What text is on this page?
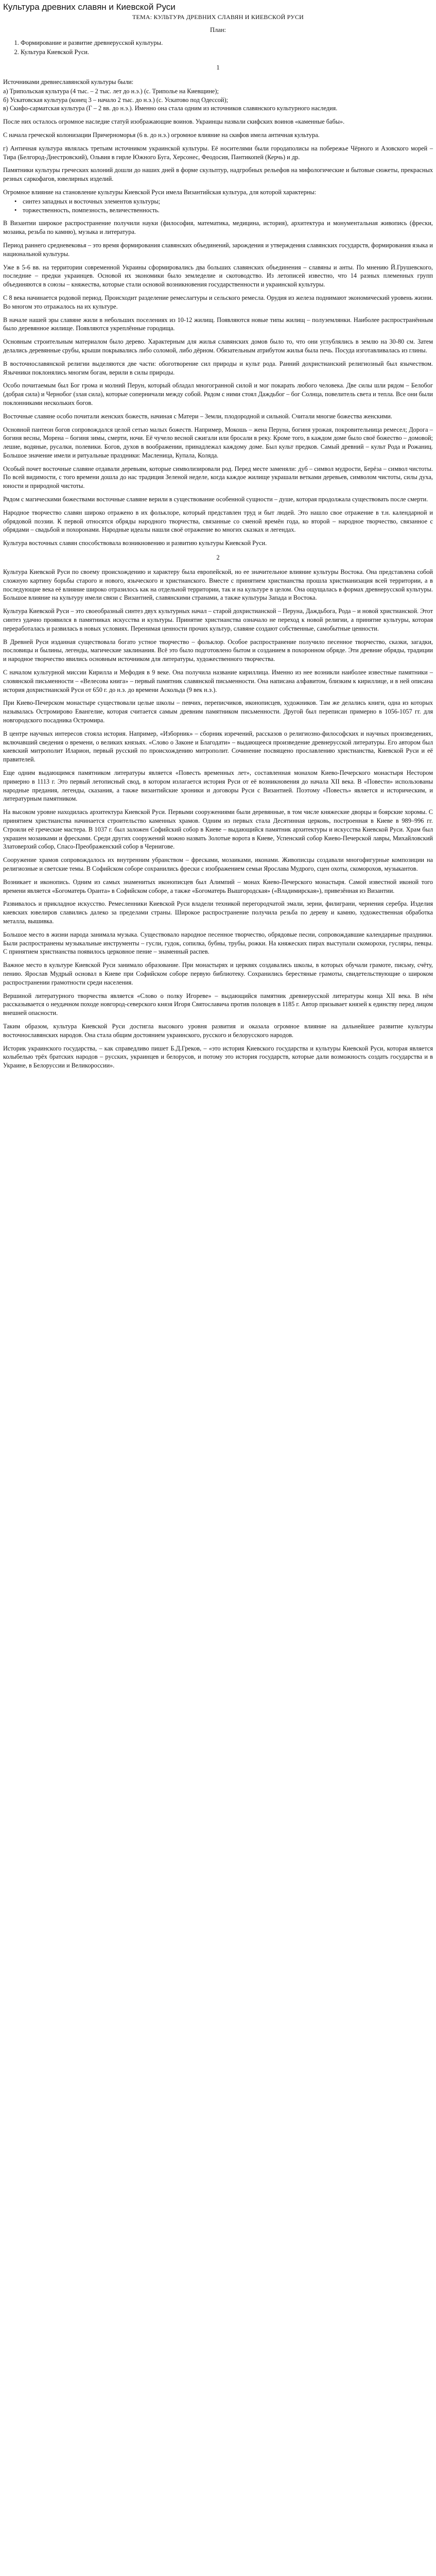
Культура древних славян и Киевской Руси
ТЕМА: КУЛЬТУРА ДРЕВНИХ СЛАВЯН И КИЕВСКОЙ РУСИ
План:
1. Формирование и развитие древнерусской культуры.
2. Культура Киевской Руси.
1

Источниками древнеславянской культуры были:

а) Трипольская культура (4 тыс. – 2 тыс. лет до н.э.) (с. Триполье на Киевщине);
б) Ускатовская культура (конец 3 – начало 2 тыс. до н.э.) (с. Ускатово под Одессой);
в) Скифо-сарматская культура (Г – 2 вв. до н.э.). Именно она стала одним из источников славянского культурного наследия.

После них осталось огромное наследие статуй изображающие воинов. Украинцы назвали скифских воинов «каменные бабы».

С начала греческой колонизации Причерноморья (6 в. до н.э.) огромное влияние на скифов имела античная культура.

г) Античная культура являлась третьим источником украинской культуры. Её носителями были городаполисы на побережье Чёрного и Азовского морей – Тира (Белгород-Днестровский), Ольвия в гирле Южного Буга, Херсонес, Феодосия, Пантикопей (Керчь) и др.

Памятники культуры греческих колоний дошли до наших дней в форме скульптур, надгробных рельефов на мифологические и бытовые сюжеты, прекрасных резных саркофагов, ювелирных изделий.

Огромное влияние на становление культуры Киевской Руси имела Византийская культура, для которой характерны:

• синтез западных и восточных элементов культуры;
• торжественность, помпезность, величественность.

В Византии широкое распространение получили науки (философия, математика, медицина, история), архитектура и монументальная живопись (фрески, мозаика, резьба по камню), музыка и литература.

Период раннего средневековья – это время формирования славянских объединений, зарождения и утверждения славянских государств, формирования языка и национальной культуры.

Уже в 5-6 вв. на территории современной Украины сформировались два больших славянских объединения – славяны и анты. По мнению Й.Грушевского, последние – предки украинцев. Основой их экономики было земледелие и скотоводство. Из летописей известно, что 14 разных племенных групп объединяются в союзы – княжества, которые стали основой возникновения государственности и украинской культуры.

С 8 века начинается родовой период. Происходит разделение ремеслаrтуры и сельского ремесла. Орудия из железа поднимают экономический уровень жизни. Во многом это отражалось на их культуре.

В начале нашей эры славяне жили в небольших поселениях из 10-12 жилищ. Появляются новые типы жилищ – полуземлянки. Наиболее распространённым было деревянное жилище. Появляются укреплённые городища.

Основным строительным материалом было дерево. Характерным для жилья славянских домов было то, что они углублялись в землю на 30-80 см. Затем делались деревянные срубы, крыши покрывались либо соломой, либо дёрном. Обязательным атрибутом жилья была печь. Посуда изготавливалась из глины.

В восточнославянской религии выделяются две части: обоготворение сил природы и культ рода. Ранний дохристианский религиозный был язычеством. Язычники поклонялись многим богам, верили в силы природы.

Особо почитаемым был Бог грома и молний Перун, который обладал многогранной силой и мог покарать любого человека. Две силы шли рядом – Белобог (добрая сила) и Чернобог (злая сила), которые соперничали между собой. Рядом с ними стоял Даждьбог – бог Солнца, повелитель света и тепла. Все они были поклонниками нескольких богов.

Восточные славяне особо почитали женских божеств, начиная с Матери – Земли, плодородной и сильной. Считали многие божества женскими.

Основной пантеон богов сопровождался целой сетью малых божеств. Например, Мокошь – жена Перуна, богиня урожая, покровительница ремесел; Дорога – богиня весны, Морена – богиня зимы, смерти, ночи. Её чучело весной сжигали или бросали в реку. Кроме того, в каждом доме было своё божество – домовой; лешие, водяные, русалки, полевики. Богов, духов в воображении, принадлежал каждому доме. Был культ предков. Самый древний – культ Рода и Рожаниц. Большое значение имели и ритуальные праздники: Масленица, Купала, Коляда.

Особый почет восточные славяне отдавали деревьям, которые символизировали род. Перед месте заменяли: дуб – символ мудрости, Берёза – символ чистоты. По всей видимости, с того времени дошла до нас традиция Зеленой неделе, когда каждое жилище украшали ветками деревьев, символом чистоты, силы духа, юности и природной чистоты.

Рядом с магическими божествами восточные славяне верили в существование особенной сущности – душе, которая продолжала существовать после смерти.

Народное творчество славян широко отражено в их фольклоре, который представлен труд и быт людей. Это нашло свое отражение в т.н. календарной и обрядовой поэзии. К первой относятся обряды народного творчества, связанные со сменой времён года, ко второй – народное творчество, связанное с обрядами – свадьбой и похоронами. Народные идеалы нашли своё отражение во многих сказках и легендах.

Культура восточных славян способствовала возникновению и развитию культуры Киевской Руси.

2

Культура Киевской Руси по своему происхождению и характеру была европейской, но ее значительное влияние культуры Востока. Она представлена собой сложную картину борьбы старого и нового, языческого и христианского. Вместе с принятием христианства прошла христианизация всей территории, а в последующие века её влияние широко отразилось как на отдельной территории, так и на культуре в целом. Она ощущалась в формах древнерусской культуры. Большое влияние на культуру имели связи с Византией, славянскими странами, а также культуры Запада и Востока.

Культура Киевской Руси – это своеобразный синтез двух культурных начал – старой дохристианской – Перуна, Даждьбога, Рода – и новой христианской. Этот синтез удачно проявился в памятниках искусства и культуры. Принятие христианства означало не переход к новой религии, а принятие культуры, которая переработалась и развилась в новых условиях. Перенимая ценности прочих культур, славяне создают собственные, самобытные ценности.

В Древней Руси изданная существовала богато устное творчество – фольклор. Особое распространение получило песенное творчество, сказки, загадки, пословицы и былины, легенды, магические заклинания. Всё это было подготовлено бытом и созданием в похоронном обряде. Эти древние обряды, традиции и народное творчество явились основным источником для литературы, художественного творчества.

С началом культурной миссии Кирилла и Мефодия в 9 веке. Она получила название кириллица. Именно из нее возникли наиболее известные памятники – словянской письменности – «Велесова книга» – первый памятник славянской письменности. Она написана алфавитом, близким к кириллице, и в ней описана история дохристианской Руси от 650 г. до н.э. до времени Аскольда (9 век н.э.).

При Киево-Печерском монастыре существовали целые школы – певчих, переписчиков, иконописцев, художников. Там же делались книги, одна из которых называлась Остромирово Евангелие, которая считается самым древним памятником письменности. Другой был переписан примерно в 1056-1057 гг. для новгородского посадника Остромира.

В центре научных интересов стояла история. Например, «Изборник» – сборник изречений, рассказов о религиозно-философских и научных произведениях, включавший сведения о времени, о великих князьях. «Слово о Законе и Благодати» – выдающееся произведение древнерусской литературы. Его автором был киевский митрополит Иларион, первый русский по происхождению митрополит. Сочинение посвящено прославлению христианства, Киевской Руси и её правителей.

Еще одним выдающимся памятником литературы является «Повесть временных лет», составленная монахом Киево-Печерского монастыря Нестором примерно в 1113 г. Это первый летописный свод, в котором излагается история Руси от её возникновения до начала XII века. В «Повести» использованы народные предания, легенды, сказания, а также византийские хроники и договоры Руси с Византией. Поэтому «Повесть» является и историческим, и литературным памятником.

На высоком уровне находилась архитектура Киевской Руси. Первыми сооружениями были деревянные, в том числе княжеские дворцы и боярские хоромы. С принятием христианства начинается строительство каменных храмов. Одним из первых стала Десятинная церковь, построенная в Киеве в 989–996 гг. Строили её греческие мастера. В 1037 г. был заложен Софийский собор в Киеве – выдающийся памятник архитектуры и искусства Киевской Руси. Храм был украшен мозаиками и фресками. Среди других сооружений можно назвать Золотые ворота в Киеве, Успенский собор Киево-Печерской лавры, Михайловский Златоверхий собор, Спасо-Преображенский собор в Чернигове.

Сооружение храмов сопровождалось их внутренним убранством – фресками, мозаиками, иконами. Живописцы создавали многофигурные композиции на религиозные и светские темы. В Софийском соборе сохранились фрески с изображением семьи Ярослава Мудрого, сцен охоты, скоморохов, музыкантов.

Возникает и иконопись. Одним из самых знаменитых иконописцев был Алимпий – монах Киево-Печерского монастыря. Самой известной иконой того времени является «Богоматерь Оранта» в Софийском соборе, а также «Богоматерь Вышгородская» («Владимирская»), привезённая из Византии.

Развивалось и прикладное искусство. Ремесленники Киевской Руси владели техникой перегородчатой эмали, зерни, филиграни, чернения серебра. Изделия киевских ювелиров славились далеко за пределами страны. Широкое распространение получила резьба по дереву и камню, художественная обработка металла, вышивка.

Большое место в жизни народа занимала музыка. Существовало народное песенное творчество, обрядовые песни, сопровождавшие календарные праздники. Были распространены музыкальные инструменты – гусли, гудок, сопилка, бубны, трубы, рожки. На княжеских пирах выступали скоморохи, гусляры, певцы. С принятием христианства появилось церковное пение – знаменный распев.

Важное место в культуре Киевской Руси занимало образование. При монастырях и церквях создавались школы, в которых обучали грамоте, письму, счёту, пению. Ярослав Мудрый основал в Киеве при Софийском соборе первую библиотеку. Сохранились берестяные грамоты, свидетельствующие о широком распространении грамотности среди населения.

Вершиной литературного творчества является «Слово о полку Игореве» – выдающийся памятник древнерусской литературы конца XII века. В нём рассказывается о неудачном походе новгород-северского князя Игоря Святославича против половцев в 1185 г. Автор призывает князей к единству перед лицом внешней опасности.

Таким образом, культура Киевской Руси достигла высокого уровня развития и оказала огромное влияние на дальнейшее развитие культуры восточнославянских народов. Она стала общим достоянием украинского, русского и белорусского народов.

Историк украинского государства, – как справедливо пишет Б.Д.Греков, – «это история Киевского государства и культуры Киевской Руси, которая является колыбелью трёх братских народов – русских, украинцев и белорусов, и потому это история государств, которые дали возможность создать государства и в Украине, в Белоруссии и Великороссии».
